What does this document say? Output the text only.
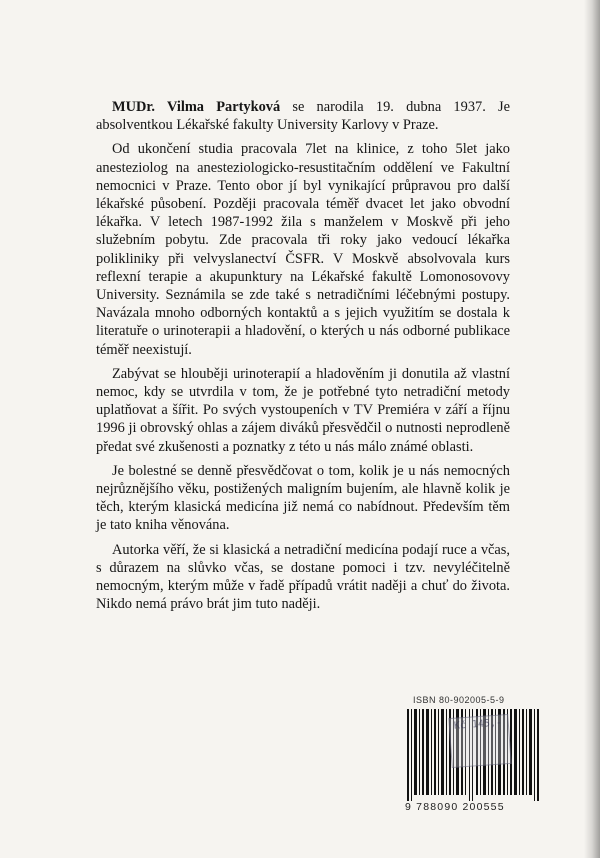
MUDr. Vilma Partyková se narodila 19. dubna 1937. Je absolventkou Lékařské fakulty University Karlovy v Praze.

Od ukončení studia pracovala 7let na klinice, z toho 5let jako anesteziolog na anesteziologicko-resustitačním oddělení ve Fakultní nemocnici v Praze. Tento obor jí byl vynikající průpravou pro další lékařské působení. Později pracovala téměř dvacet let jako obvodní lékařka. V letech 1987-1992 žila s manželem v Moskvě při jeho služebním pobytu. Zde pracovala tři roky jako vedoucí lékařka polikliniky při velvyslanectví ČSFR. V Moskvě absolvovala kurs reflexní terapie a akupunktury na Lékařské fakultě Lomonosovovy University. Seznámila se zde také s netradičními léčebnými postupy. Navázala mnoho odborných kontaktů a s jejich využitím se dostala k literatuře o urinoterapii a hladovění, o kterých u nás odborné publikace téměř neexistují.

Zabývat se hlouběji urinoterapií a hladověním ji donutila až vlastní nemoc, kdy se utvrdila v tom, že je potřebné tyto netradiční metody uplatňovat a šířit. Po svých vystoupeních v TV Premiéra v září a říjnu 1996 ji obrovský ohlas a zájem diváků přesvědčil o nutnosti neprodleně předat své zkušenosti a poznatky z této u nás málo známé oblasti.

Je bolestné se denně přesvědčovat o tom, kolik je u nás nemocných nejrůznějšího věku, postižených maligním bujením, ale hlavně kolik je těch, kterým klasická medicína již nemá co nabídnout. Především těm je tato kniha věnována.

Autorka věří, že si klasická a netradiční medicína podají ruce a včas, s důrazem na slůvko včas, se dostane pomoci i tzv. nevyléčitelně nemocným, kterým může v řadě případů vrátit naději a chuť do života. Nikdo nemá právo brát jim tuto naději.

ISBN 80-902005-5-9
9 788090 200555
Kč 145,-
